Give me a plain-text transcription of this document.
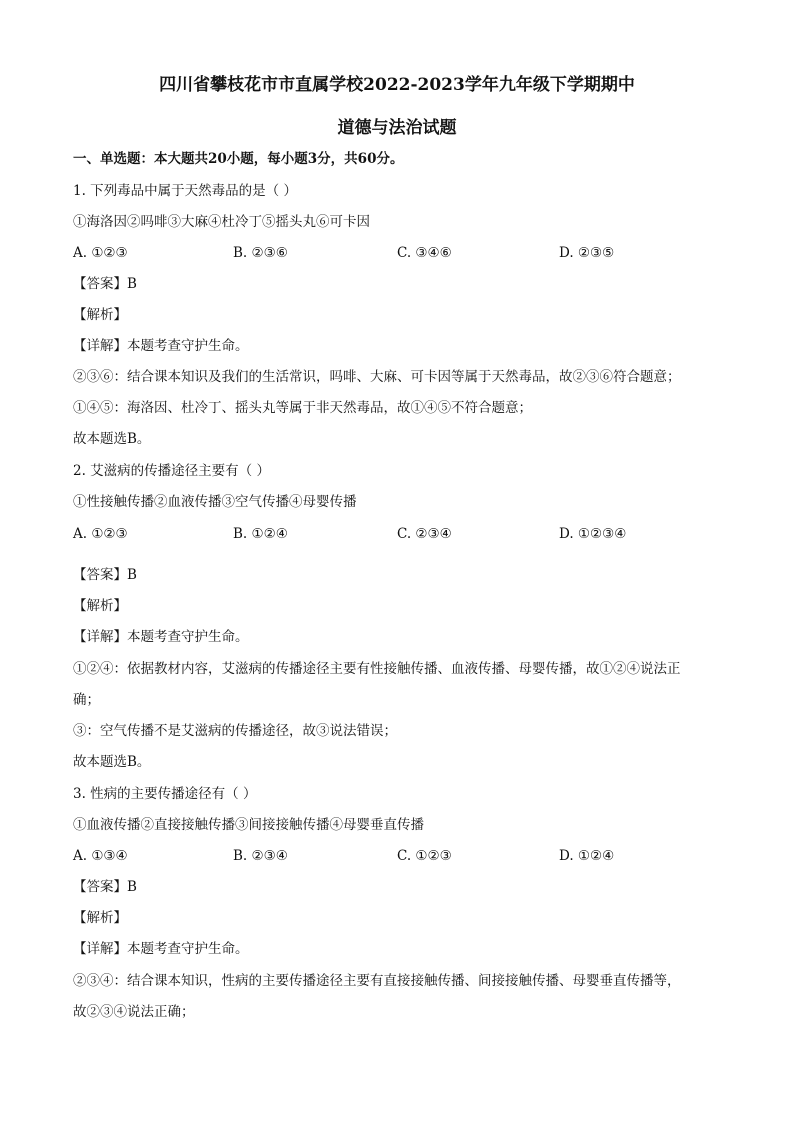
四川省攀枝花市市直属学校2022-2023学年九年级下学期期中
道德与法治试题
一、单选题：本大题共20小题，每小题3分，共60分。
1. 下列毒品中属于天然毒品的是（ ）
①海洛因②吗啡③大麻④杜冷丁⑤摇头丸⑥可卡因
A. ①②③	B. ②③⑥	C. ③④⑥	D. ②③⑤
【答案】B
【解析】
【详解】本题考查守护生命。
②③⑥：结合课本知识及我们的生活常识，吗啡、大麻、可卡因等属于天然毒品，故②③⑥符合题意；
①④⑤：海洛因、杜冷丁、摇头丸等属于非天然毒品，故①④⑤不符合题意；
故本题选B。
2. 艾滋病的传播途径主要有（ ）
①性接触传播②血液传播③空气传播④母婴传播
A. ①②③	B. ①②④	C. ②③④	D. ①②③④
【答案】B
【解析】
【详解】本题考查守护生命。
①②④：依据教材内容，艾滋病的传播途径主要有性接触传播、血液传播、母婴传播，故①②④说法正
确；
③：空气传播不是艾滋病的传播途径，故③说法错误；
故本题选B。
3. 性病的主要传播途径有（ ）
①血液传播②直接接触传播③间接接触传播④母婴垂直传播
A. ①③④	B. ②③④	C. ①②③	D. ①②④
【答案】B
【解析】
【详解】本题考查守护生命。
②③④：结合课本知识，性病的主要传播途径主要有直接接触传播、间接接触传播、母婴垂直传播等，
故②③④说法正确；
